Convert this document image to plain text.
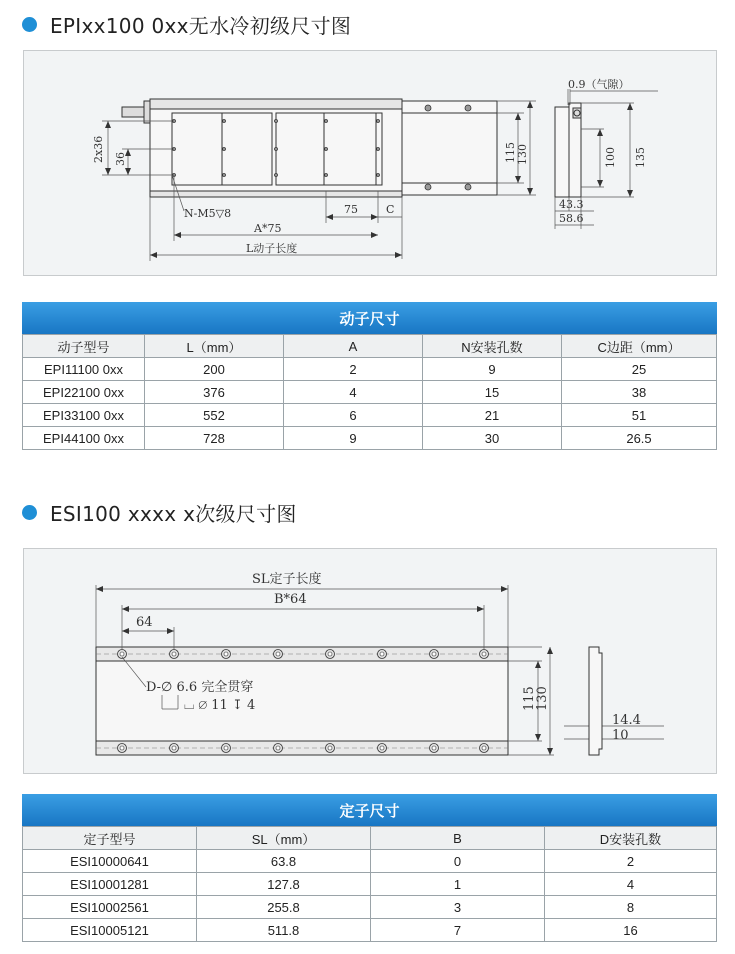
EPIxx100 0xx无水冷初级尺寸图
2x36 36
N-M5▽8	75	C
A*75
L动子长度
115 130
0.9（气隙）
100 135
43.3
58.6
动子尺寸
动子型号	L（mm）	A	N安装孔数	C边距（mm）
EPI11100 0xx	200	2	9	25
EPI22100 0xx	376	4	15	38
EPI33100 0xx	552	6	21	51
EPI44100 0xx	728	9	30	26.5
ESI100 xxxx x次级尺寸图
SL定子长度
B*64
64
D-∅ 6.6 完全贯穿
⌴ ∅ 11 ↧ 4	115
130
14.4
10
定子尺寸
定子型号	SL（mm）	B	D安装孔数
ESI10000641	63.8	0	2
ESI10001281	127.8	1	4
ESI10002561	255.8	3	8
ESI10005121	511.8	7	16
